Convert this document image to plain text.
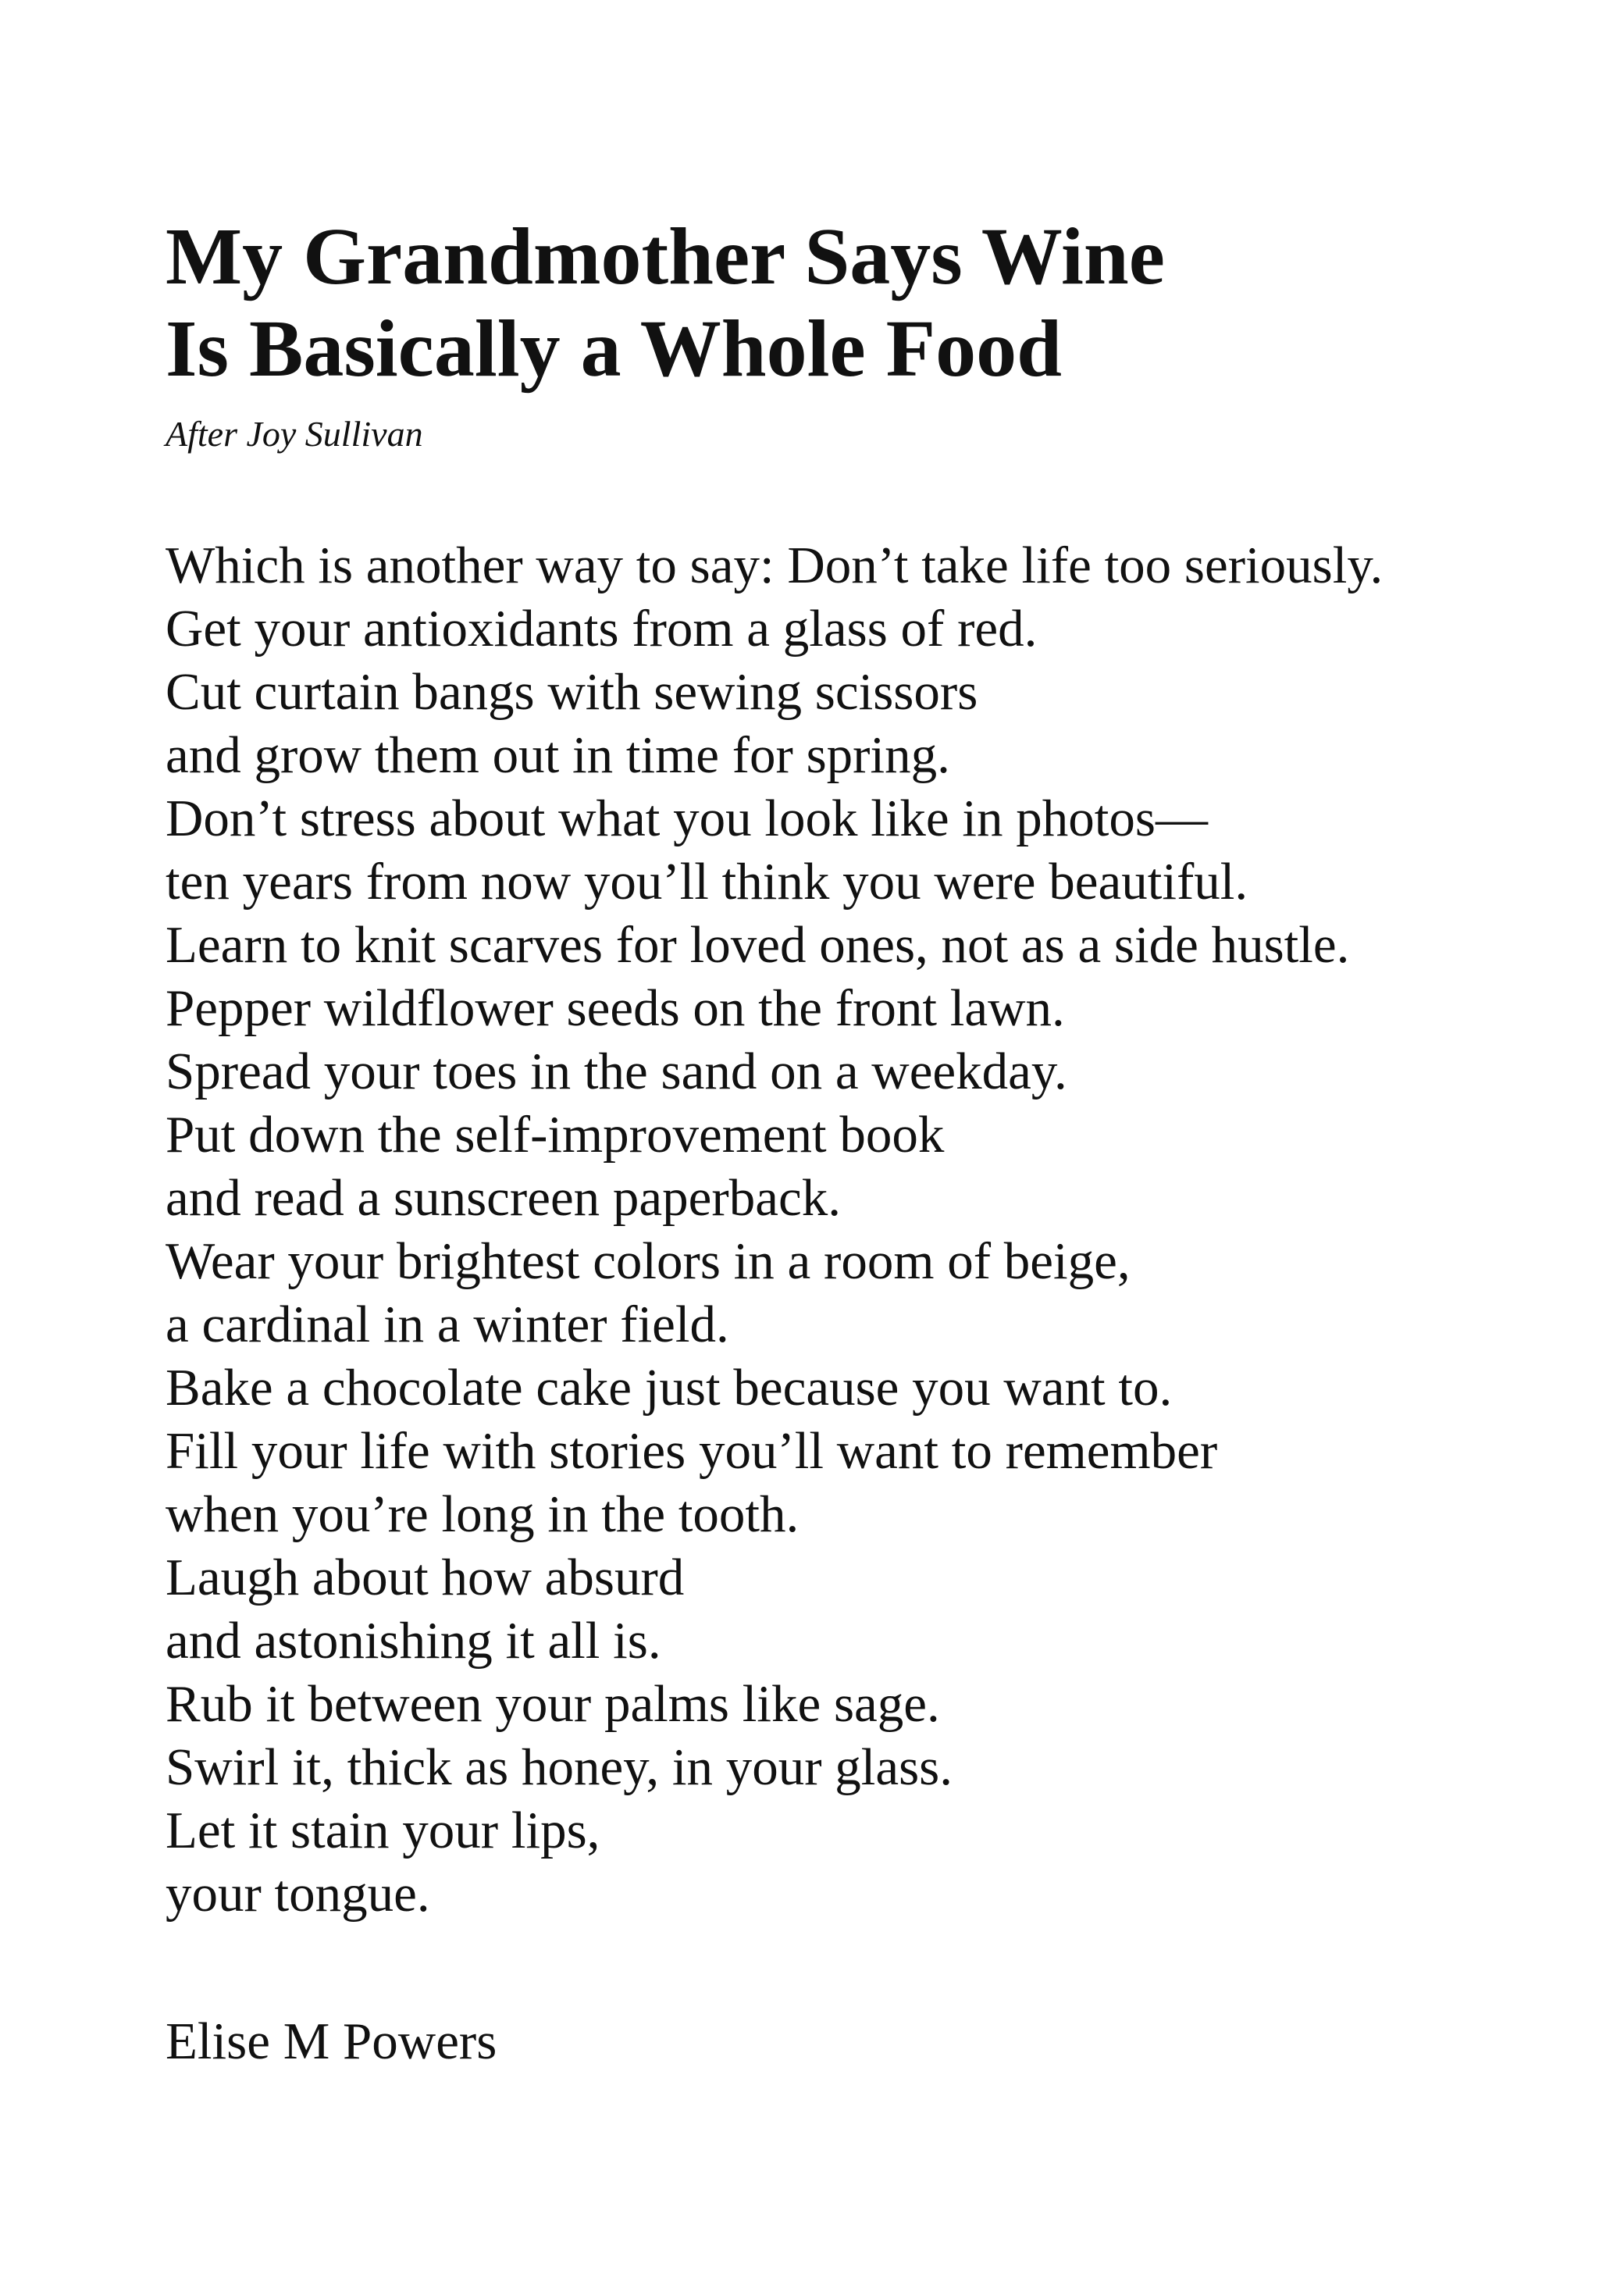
My Grandmother Says Wine
Is Basically a Whole Food
After Joy Sullivan
Which is another way to say: Don’t take life too seriously.
Get your antioxidants from a glass of red.
Cut curtain bangs with sewing scissors
and grow them out in time for spring.
Don’t stress about what you look like in photos—
ten years from now you’ll think you were beautiful.
Learn to knit scarves for loved ones, not as a side hustle.
Pepper wildflower seeds on the front lawn.
Spread your toes in the sand on a weekday.
Put down the self-improvement book
and read a sunscreen paperback.
Wear your brightest colors in a room of beige,
a cardinal in a winter field.
Bake a chocolate cake just because you want to.
Fill your life with stories you’ll want to remember
when you’re long in the tooth.
Laugh about how absurd
and astonishing it all is.
Rub it between your palms like sage.
Swirl it, thick as honey, in your glass.
Let it stain your lips,
your tongue.
Elise M Powers
